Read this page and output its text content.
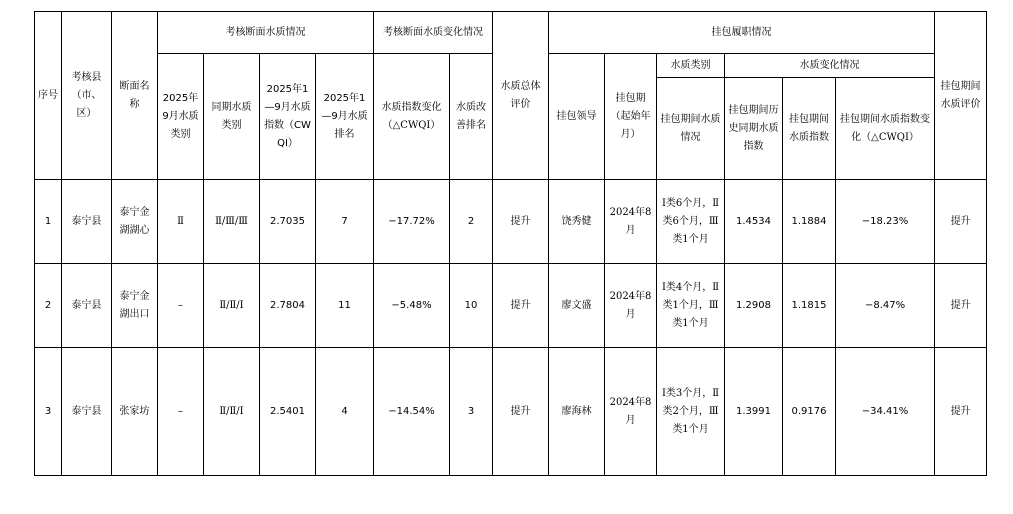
序号	考核县（市、区）	断面名称	考核断面水质情况				考核断面水质变化情况		水质总体评价	挂包履职情况						挂包期间水质评价
			2025年9月水质类别	同期水质类别	2025年1—9月水质指数（CWQI）	2025年1—9月水质排名	水质指数变化（△CWQI）	水质改善排名		挂包领导	挂包期（起始年月）	水质类别	水质变化情况			
												挂包期间水质情况	挂包期间历史同期水质指数	挂包期间水质指数	挂包期间水质指数变化（△CWQI）	
1	泰宁县	泰宁金湖湖心	Ⅱ	Ⅱ/Ⅲ/Ⅲ	2.7035	7	−17.72%	2	提升	饶秀健	2024年8月	Ⅰ类6个月，Ⅱ类6个月，Ⅲ类1个月	1.4534	1.1884	−18.23%	提升
2	泰宁县	泰宁金湖出口	–	Ⅱ/Ⅱ/Ⅰ	2.7804	11	−5.48%	10	提升	廖文盛	2024年8月	Ⅰ类4个月，Ⅱ类1个月，Ⅲ类1个月	1.2908	1.1815	−8.47%	提升
3	泰宁县	张家坊	–	Ⅱ/Ⅱ/Ⅰ	2.5401	4	−14.54%	3	提升	廖海林	2024年8月	Ⅰ类3个月，Ⅱ类2个月，Ⅲ类1个月	1.3991	0.9176	−34.41%	提升
